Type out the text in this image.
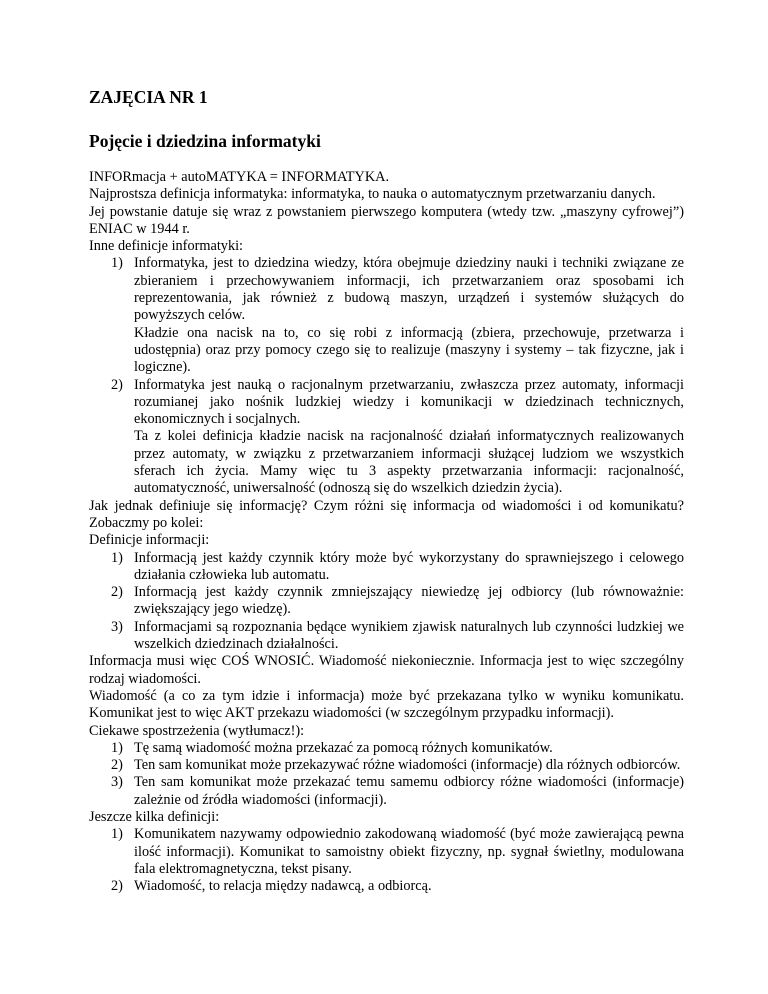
ZAJĘCIA NR 1
Pojęcie i dziedzina informatyki

INFORmacja + autoMATYKA = INFORMATYKA.

Najprostsza definicja informatyka: informatyka, to nauka o automatycznym przetwarzaniu danych.

Jej powstanie datuje się wraz z powstaniem pierwszego komputera (wtedy tzw. „maszyny cyfrowej”) ENIAC w 1944 r.

Inne definicje informatyki:

1) Informatyka, jest to dziedzina wiedzy, która obejmuje dziedziny nauki i techniki związane ze zbieraniem i przechowywaniem informacji, ich przetwarzaniem oraz sposobami ich reprezentowania, jak również z budową maszyn, urządzeń i systemów służących do powyższych celów.
Kładzie ona nacisk na to, co się robi z informacją (zbiera, przechowuje, przetwarza i udostępnia) oraz przy pomocy czego się to realizuje (maszyny i systemy – tak fizyczne, jak i logiczne).
2) Informatyka jest nauką o racjonalnym przetwarzaniu, zwłaszcza przez automaty, informacji rozumianej jako nośnik ludzkiej wiedzy i komunikacji w dziedzinach technicznych, ekonomicznych i socjalnych.
Ta z kolei definicja kładzie nacisk na racjonalność działań informatycznych realizowanych przez automaty, w związku z przetwarzaniem informacji służącej ludziom we wszystkich sferach ich życia. Mamy więc tu 3 aspekty przetwarzania informacji: racjonalność, automatyczność, uniwersalność (odnoszą się do wszelkich dziedzin życia).

Jak jednak definiuje się informację? Czym różni się informacja od wiadomości i od komunikatu? Zobaczmy po kolei:

Definicje informacji:

1) Informacją jest każdy czynnik który może być wykorzystany do sprawniejszego i celowego działania człowieka lub automatu.
2) Informacją jest każdy czynnik zmniejszający niewiedzę jej odbiorcy (lub równoważnie: zwiększający jego wiedzę).
3) Informacjami są rozpoznania będące wynikiem zjawisk naturalnych lub czynności ludzkiej we wszelkich dziedzinach działalności.

Informacja musi więc COŚ WNOSIĆ. Wiadomość niekoniecznie. Informacja jest to więc szczególny rodzaj wiadomości.

Wiadomość (a co za tym idzie i informacja) może być przekazana tylko w wyniku komunikatu. Komunikat jest to więc AKT przekazu wiadomości (w szczególnym przypadku informacji).

Ciekawe spostrzeżenia (wytłumacz!):

1) Tę samą wiadomość można przekazać za pomocą różnych komunikatów.
2) Ten sam komunikat może przekazywać różne wiadomości (informacje) dla różnych odbiorców.
3) Ten sam komunikat może przekazać temu samemu odbiorcy różne wiadomości (informacje) zależnie od źródła wiadomości (informacji).

Jeszcze kilka definicji:

1) Komunikatem nazywamy odpowiednio zakodowaną wiadomość (być może zawierającą pewna ilość informacji). Komunikat to samoistny obiekt fizyczny, np. sygnał świetlny, modulowana fala elektromagnetyczna, tekst pisany.
2) Wiadomość, to relacja między nadawcą, a odbiorcą.
